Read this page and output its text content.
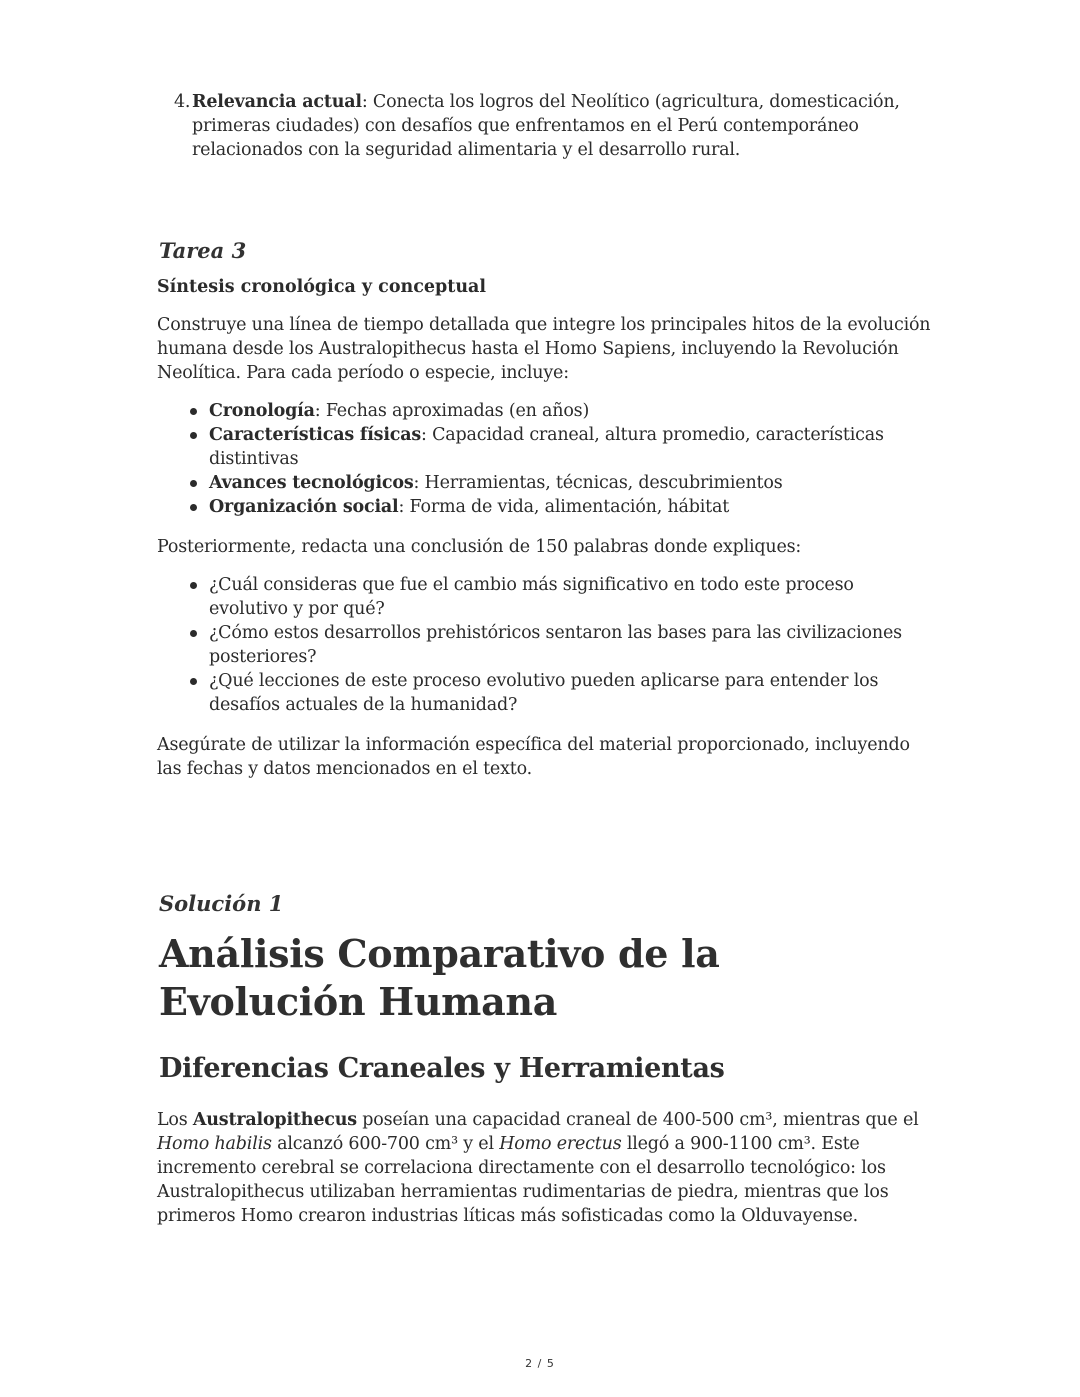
4. Relevancia actual: Conecta los logros del Neolítico (agricultura, domesticación, primeras ciudades) con desafíos que enfrentamos en el Perú contemporáneo relacionados con la seguridad alimentaria y el desarrollo rural.
Tarea 3
Síntesis cronológica y conceptual

Construye una línea de tiempo detallada que integre los principales hitos de la evolución humana desde los Australopithecus hasta el Homo Sapiens, incluyendo la Revolución Neolítica. Para cada período o especie, incluye:

Cronología: Fechas aproximadas (en años)
Características físicas: Capacidad craneal, altura promedio, características distintivas
Avances tecnológicos: Herramientas, técnicas, descubrimientos
Organización social: Forma de vida, alimentación, hábitat

Posteriormente, redacta una conclusión de 150 palabras donde expliques:

¿Cuál consideras que fue el cambio más significativo en todo este proceso evolutivo y por qué?
¿Cómo estos desarrollos prehistóricos sentaron las bases para las civilizaciones posteriores?
¿Qué lecciones de este proceso evolutivo pueden aplicarse para entender los desafíos actuales de la humanidad?

Asegúrate de utilizar la información específica del material proporcionado, incluyendo las fechas y datos mencionados en el texto.

Solución 1
Análisis Comparativo de la Evolución Humana
Diferencias Craneales y Herramientas

Los Australopithecus poseían una capacidad craneal de 400-500 cm³, mientras que el Homo habilis alcanzó 600-700 cm³ y el Homo erectus llegó a 900-1100 cm³. Este incremento cerebral se correlaciona directamente con el desarrollo tecnológico: los Australopithecus utilizaban herramientas rudimentarias de piedra, mientras que los primeros Homo crearon industrias líticas más sofisticadas como la Olduvayense.

2 / 5
